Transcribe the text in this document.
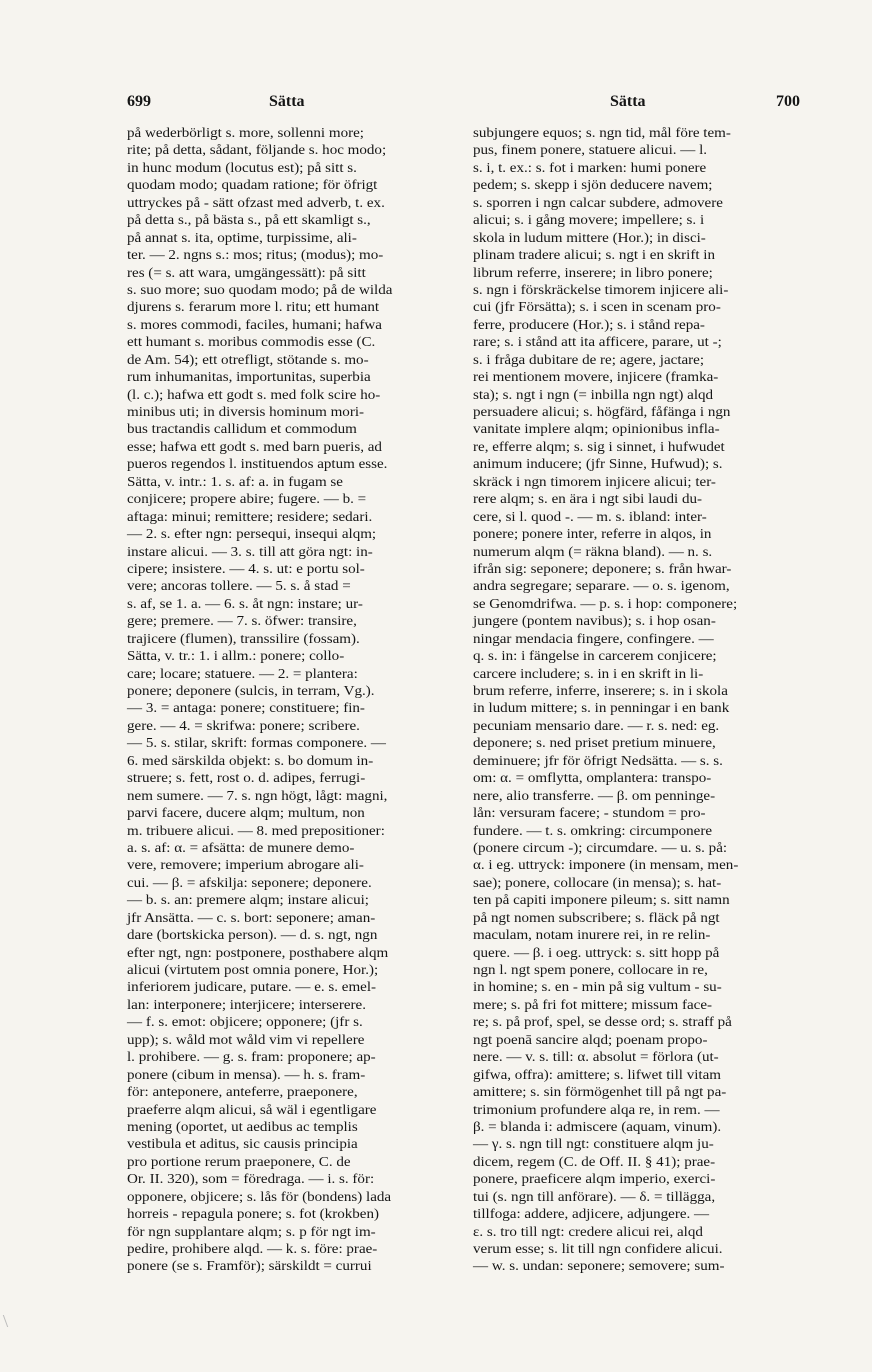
699	Sätta	Sätta	700
på wederbörligt s. more, sollenni more;
rite; på detta, sådant, följande s. hoc modo;
in hunc modum (locutus est); på sitt s.
quodam modo; quadam ratione; för öfrigt
uttryckes på - sätt ofzast med adverb, t. ex.
på detta s., på bästa s., på ett skamligt s.,
på annat s. ita, optime, turpissime, ali-
ter. — 2. ngns s.: mos; ritus; (modus); mo-
res (= s. att wara, umgängessätt): på sitt
s. suo more; suo quodam modo; på de wilda
djurens s. ferarum more l. ritu; ett humant
s. mores commodi, faciles, humani; hafwa
ett humant s. moribus commodis esse (C.
de Am. 54); ett otrefligt, stötande s. mo-
rum inhumanitas, importunitas, superbia
(l. c.); hafwa ett godt s. med folk scire ho-
minibus uti; in diversis hominum mori-
bus tractandis callidum et commodum
esse; hafwa ett godt s. med barn pueris, ad
pueros regendos l. instituendos aptum esse.
Sätta, v. intr.: 1. s. af: a. in fugam se
conjicere; propere abire; fugere. — b. =
aftaga: minui; remittere; residere; sedari.
— 2. s. efter ngn: persequi, insequi alqm;
instare alicui. — 3. s. till att göra ngt: in-
cipere; insistere. — 4. s. ut: e portu sol-
vere; ancoras tollere. — 5. s. å stad =
s. af, se 1. a. — 6. s. åt ngn: instare; ur-
gere; premere. — 7. s. öfwer: transire,
trajicere (flumen), transsilire (fossam).
Sätta, v. tr.: 1. i allm.: ponere; collo-
care; locare; statuere. — 2. = plantera:
ponere; deponere (sulcis, in terram, Vg.).
— 3. = antaga: ponere; constituere; fin-
gere. — 4. = skrifwa: ponere; scribere.
— 5. s. stilar, skrift: formas componere. —
6. med särskilda objekt: s. bo domum in-
struere; s. fett, rost o. d. adipes, ferrugi-
nem sumere. — 7. s. ngn högt, lågt: magni,
parvi facere, ducere alqm; multum, non
m. tribuere alicui. — 8. med prepositioner:
a. s. af: α. = afsätta: de munere demo-
vere, removere; imperium abrogare ali-
cui. — β. = afskilja: seponere; deponere.
— b. s. an: premere alqm; instare alicui;
jfr Ansätta. — c. s. bort: seponere; aman-
dare (bortskicka person). — d. s. ngt, ngn
efter ngt, ngn: postponere, posthabere alqm
alicui (virtutem post omnia ponere, Hor.);
inferiorem judicare, putare. — e. s. emel-
lan: interponere; interjicere; interserere.
— f. s. emot: objicere; opponere; (jfr s.
upp); s. wåld mot wåld vim vi repellere
l. prohibere. — g. s. fram: proponere; ap-
ponere (cibum in mensa). — h. s. fram-
för: anteponere, anteferre, praeponere,
praeferre alqm alicui, så wäl i egentligare
mening (oportet, ut aedibus ac templis
vestibula et aditus, sic causis principia
pro portione rerum praeponere, C. de
Or. II. 320), som = föredraga. — i. s. för:
opponere, objicere; s. lås för (bondens) lada
horreis - repagula ponere; s. fot (krokben)
för ngn supplantare alqm; s. p för ngt im-
pedire, prohibere alqd. — k. s. före: prae-
ponere (se s. Framför); särskildt = currui
subjungere equos; s. ngn tid, mål före tem-
pus, finem ponere, statuere alicui. — l.
s. i, t. ex.: s. fot i marken: humi ponere
pedem; s. skepp i sjön deducere navem;
s. sporren i ngn calcar subdere, admovere
alicui; s. i gång movere; impellere; s. i
skola in ludum mittere (Hor.); in disci-
plinam tradere alicui; s. ngt i en skrift in
librum referre, inserere; in libro ponere;
s. ngn i förskräckelse timorem injicere ali-
cui (jfr Försätta); s. i scen in scenam pro-
ferre, producere (Hor.); s. i stånd repa-
rare; s. i stånd att ita afficere, parare, ut -;
s. i fråga dubitare de re; agere, jactare;
rei mentionem movere, injicere (framka-
sta); s. ngt i ngn (= inbilla ngn ngt) alqd
persuadere alicui; s. högfärd, fåfänga i ngn
vanitate implere alqm; opinionibus infla-
re, efferre alqm; s. sig i sinnet, i hufwudet
animum inducere; (jfr Sinne, Hufwud); s.
skräck i ngn timorem injicere alicui; ter-
rere alqm; s. en ära i ngt sibi laudi du-
cere, si l. quod -. — m. s. ibland: inter-
ponere; ponere inter, referre in alqos, in
numerum alqm (= räkna bland). — n. s.
ifrån sig: seponere; deponere; s. från hwar-
andra segregare; separare. — o. s. igenom,
se Genomdrifwa. — p. s. i hop: componere;
jungere (pontem navibus); s. i hop osan-
ningar mendacia fingere, confingere. —
q. s. in: i fängelse in carcerem conjicere;
carcere includere; s. in i en skrift in li-
brum referre, inferre, inserere; s. in i skola
in ludum mittere; s. in penningar i en bank
pecuniam mensario dare. — r. s. ned: eg.
deponere; s. ned priset pretium minuere,
deminuere; jfr för öfrigt Nedsätta. — s. s.
om: α. = omflytta, omplantera: transpo-
nere, alio transferre. — β. om penninge-
lån: versuram facere; - stundom = pro-
fundere. — t. s. omkring: circumponere
(ponere circum -); circumdare. — u. s. på:
α. i eg. uttryck: imponere (in mensam, men-
sae); ponere, collocare (in mensa); s. hat-
ten på capiti imponere pileum; s. sitt namn
på ngt nomen subscribere; s. fläck på ngt
maculam, notam inurere rei, in re relin-
quere. — β. i oeg. uttryck: s. sitt hopp på
ngn l. ngt spem ponere, collocare in re,
in homine; s. en - min på sig vultum - su-
mere; s. på fri fot mittere; missum face-
re; s. på prof, spel, se desse ord; s. straff på
ngt poenā sancire alqd; poenam propo-
nere. — v. s. till: α. absolut = förlora (ut-
gifwa, offra): amittere; s. lifwet till vitam
amittere; s. sin förmögenhet till på ngt pa-
trimonium profundere alqa re, in rem. —
β. = blanda i: admiscere (aquam, vinum).
— γ. s. ngn till ngt: constituere alqm ju-
dicem, regem (C. de Off. II. § 41); prae-
ponere, praeficere alqm imperio, exerci-
tui (s. ngn till anförare). — δ. = tillägga,
tillfoga: addere, adjicere, adjungere. —
ε. s. tro till ngt: credere alicui rei, alqd
verum esse; s. lit till ngn confidere alicui.
— w. s. undan: seponere; semovere; sum-
